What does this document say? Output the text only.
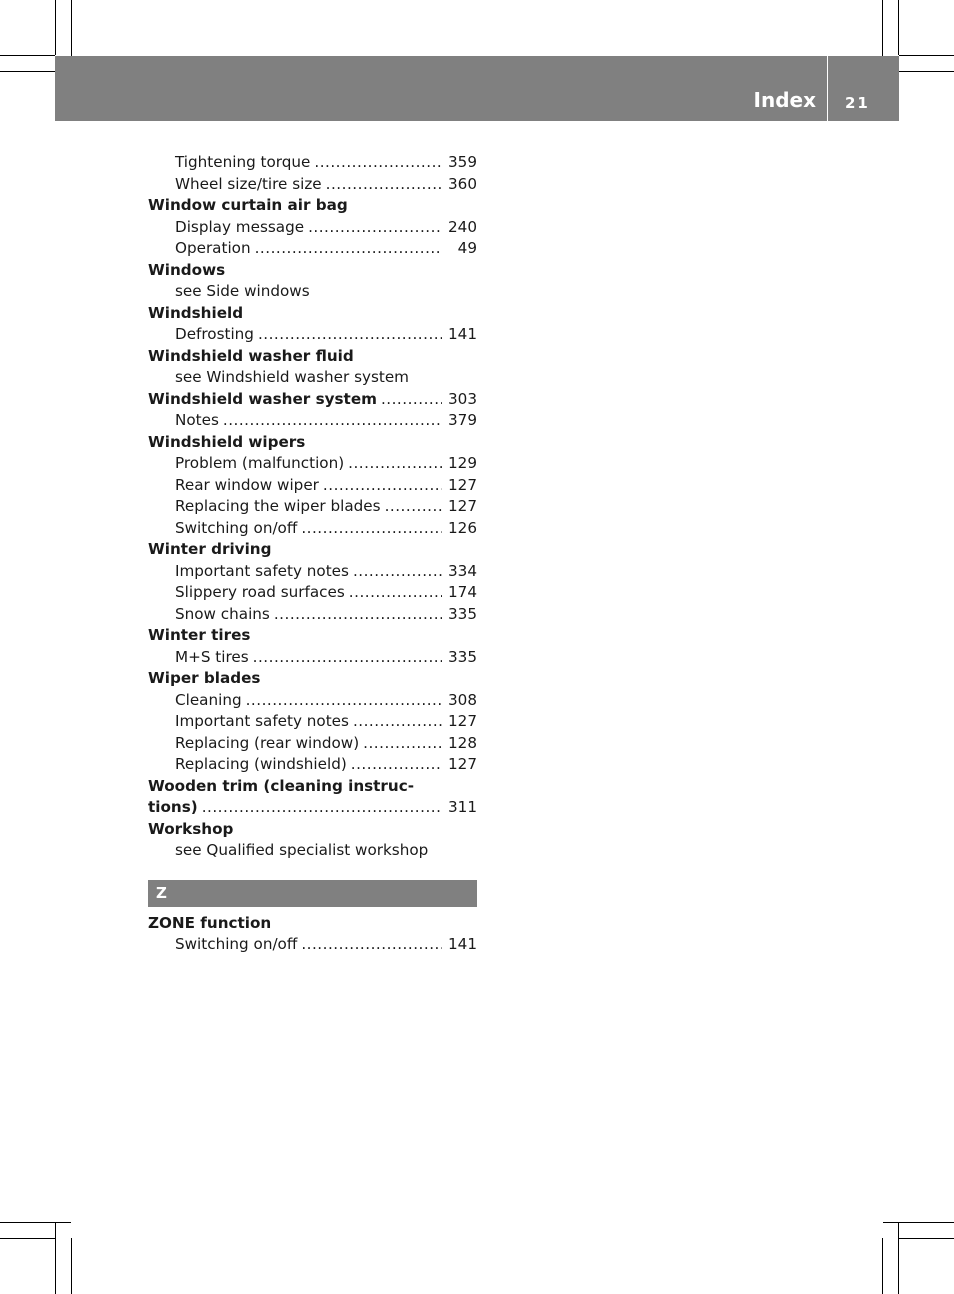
Index 21
Tightening torque .....	359
Wheel size/tire size .....	360
Window curtain air bag
Display message .....	240
Operation .....	49
Windows
see Side windows
Windshield
Defrosting .....	141
Windshield washer fluid
see Windshield washer system
Windshield washer system .....	303
Notes .....	379
Windshield wipers
Problem (malfunction) .....	129
Rear window wiper .....	127
Replacing the wiper blades .....	127
Switching on/off .....	126
Winter driving
Important safety notes .....	334
Slippery road surfaces .....	174
Snow chains .....	335
Winter tires
M+S tires .....	335
Wiper blades
Cleaning .....	308
Important safety notes .....	127
Replacing (rear window) .....	128
Replacing (windshield) .....	127
Wooden trim (cleaning instruc-
tions) .....	311
Workshop
see Qualified specialist workshop
Z
ZONE function
Switching on/off .....	141
